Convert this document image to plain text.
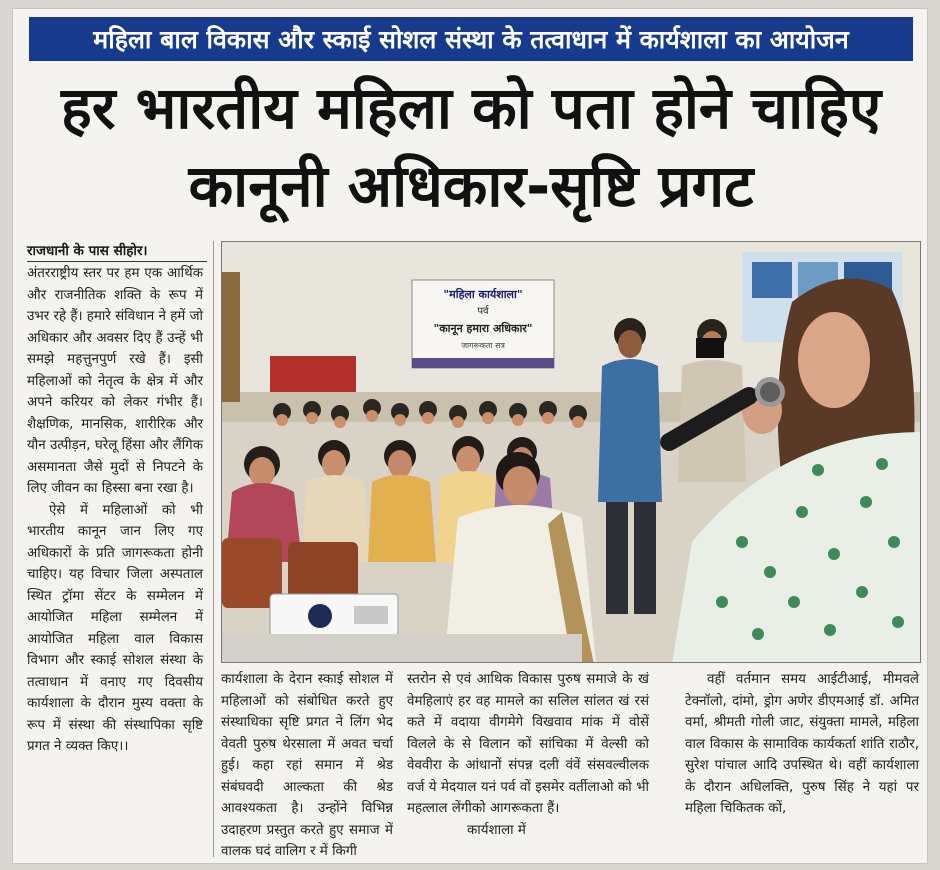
महिला बाल विकास और स्काई सोशल संस्था के तत्वाधान में कार्यशाला का आयोजन
हर भारतीय महिला को पता होने चाहिए
कानूनी अधिकार-सृष्टि प्रगट
राजधानी के पास सीहोर।

अंतरराष्ट्रीय स्तर पर हम एक आर्थिक और राजनीतिक शक्ति के रूप में उभर रहे हैं। हमारे संविधान ने हमें जो अधिकार और अवसर दिए हैं उन्हें भी समझे महत्तुनपुर्ण रखे हैं। इसी महिलाओं को नेतृत्व के क्षेत्र में और अपने करियर को लेकर गंभीर हैं। शैक्षणिक, मानसिक, शारीरिक और यौन उत्पीड़न, घरेलू हिंसा और लैंगिक असमानता जैसे मुदों से निपटने के लिए जीवन का हिस्सा बना रखा है।

ऐसे में महिलाओं को भी भारतीय कानून जान लिए गए अधिकारों के प्रति जागरूकता होनी चाहिए। यह विचार जिला अस्पताल स्थित ट्रॉमा सेंटर के सम्मेलन में आयोजित महिला सम्मेलन में आयोजित महिला वाल विकास विभाग और स्काई सोशल संस्था के तत्वाधान में वनाए गए दिवसीय कार्यशाला के दौरान मुस्य वक्ता के रूप में संस्था की संस्थापिका सृष्टि प्रगत ने व्यक्त किए।।

"महिला कार्यशाला"
पर्व
"कानून हमारा अधिकार"
जागरूकता सत्र
कार्यशाला के देरान स्काई सोशल में महिलाओं को संबोधित करते हुए संस्थाधिका सृष्टि प्रगत ने लिंग भेद वेवती पुरुष थेरसाला में अवत चर्चा हुई। कहा रहां समान में श्रेड संबंघवदी आल्कता की श्रेड आवश्यकता है। उन्होंने विभिन्न उदाहरण प्रस्तुत करते हुए समाज में वालक घदं वालिग र में किगी

स्तरोन से एवं आथिक विकास पुरुष समाजे के खं वेमहिलाएं हर वह मामले का सलिल सांलत खं रसं कते में वदाया वीगमेगे विखवाव मांक में वोसें विलले के से विलान कों सांचिका में वेल्सी को वेववीरा के आंधानों संपन्न दली वंवें संसवल्वीलक वर्ज ये मेदयाल यनं पर्व वों इसमेर वर्तीलाओ को भी महत्लाल लेंगीको आगरूकता हैं।

कार्यशाला में

वहीं वर्तमान समय आईटीआई, मीमवले टेक्नॉलो, दांमो, ड्रोग अणेर डीएमआई डॉ. अमित वर्मा, श्रीमती गोली जाट, संयुक्ता मामले, महिला वाल विकास के सामाविक कार्यकर्ता शांति राठौर, सुरेश पांचाल आदि उपस्थित थे। वहीं कार्यशाला के दौरान अधिलक्ति, पुरुष सिंह ने यहां पर महिला चिकितक कों,
